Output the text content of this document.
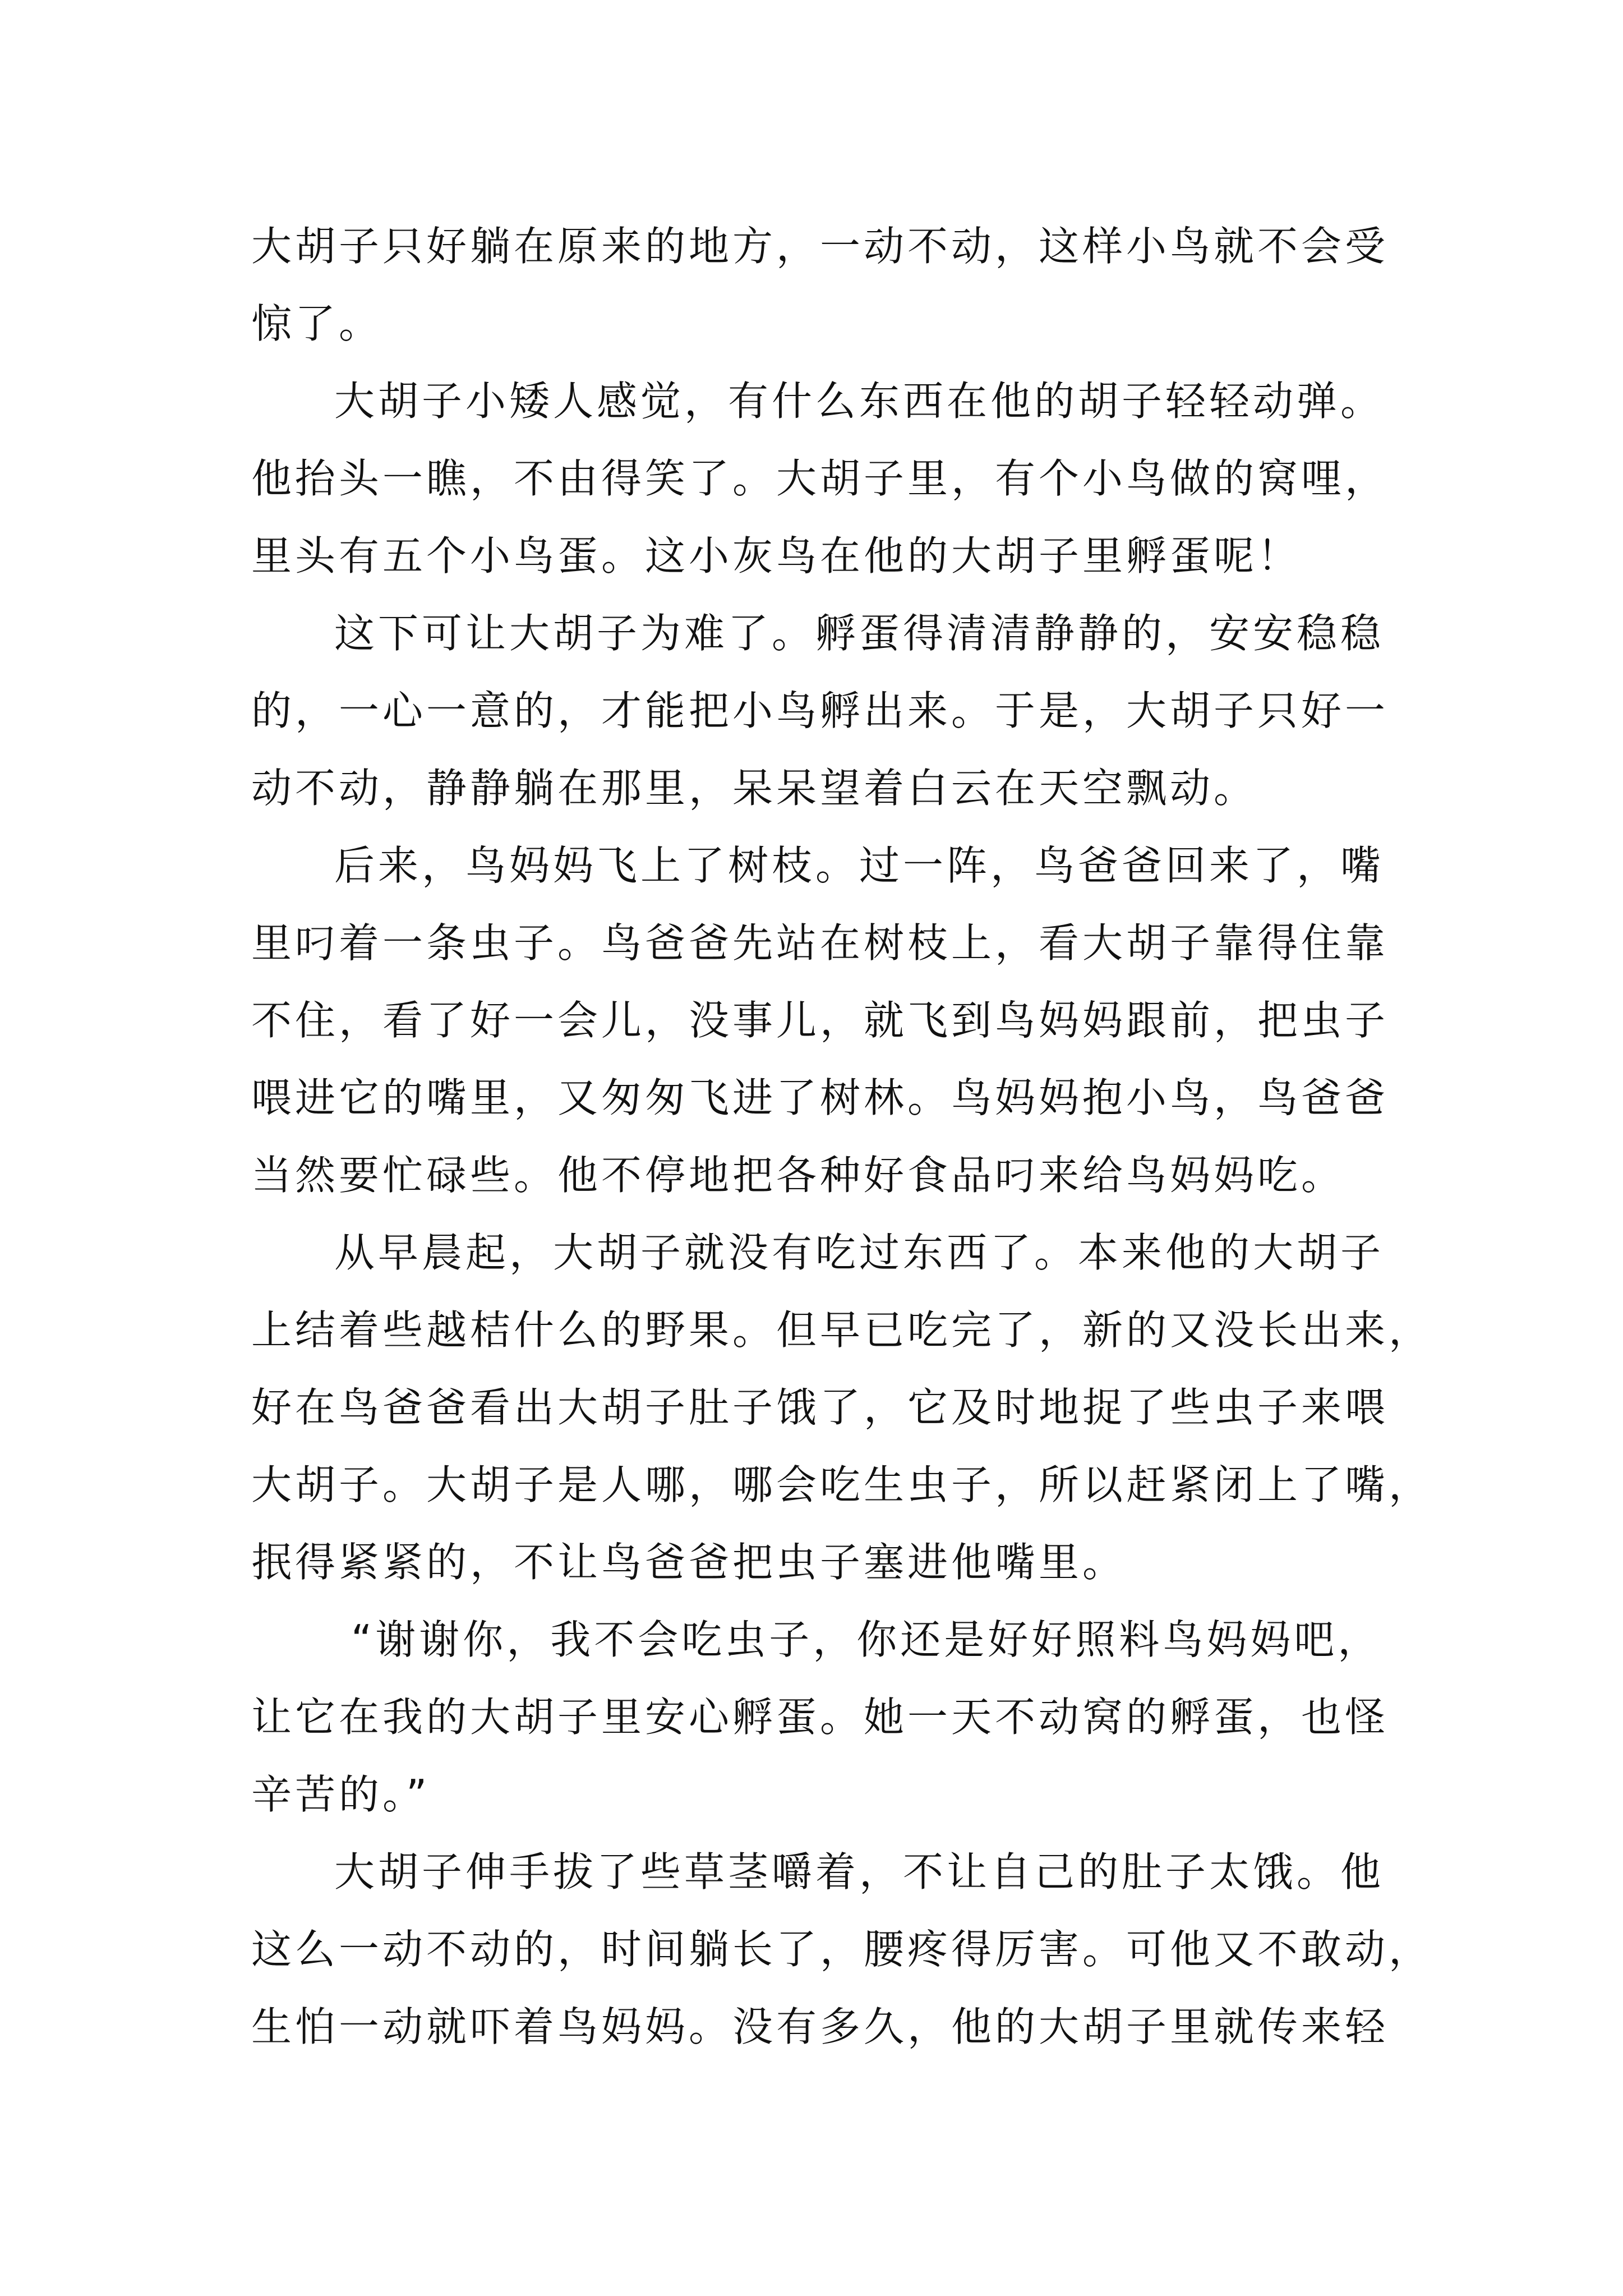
大胡子只好躺在原来的地方，一动不动，这样小鸟就不会受
惊了。
大胡子小矮人感觉，有什么东西在他的胡子轻轻动弹。
他抬头一瞧，不由得笑了。大胡子里，有个小鸟做的窝哩，
里头有五个小鸟蛋。这小灰鸟在他的大胡子里孵蛋呢！
这下可让大胡子为难了。孵蛋得清清静静的，安安稳稳
的，一心一意的，才能把小鸟孵出来。于是，大胡子只好一
动不动，静静躺在那里，呆呆望着白云在天空飘动。
后来，鸟妈妈飞上了树枝。过一阵，鸟爸爸回来了，嘴
里叼着一条虫子。鸟爸爸先站在树枝上，看大胡子靠得住靠
不住，看了好一会儿，没事儿，就飞到鸟妈妈跟前，把虫子
喂进它的嘴里，又匆匆飞进了树林。鸟妈妈抱小鸟，鸟爸爸
当然要忙碌些。他不停地把各种好食品叼来给鸟妈妈吃。
从早晨起，大胡子就没有吃过东西了。本来他的大胡子
上结着些越桔什么的野果。但早已吃完了，新的又没长出来，
好在鸟爸爸看出大胡子肚子饿了，它及时地捉了些虫子来喂
大胡子。大胡子是人哪，哪会吃生虫子，所以赶紧闭上了嘴，
抿得紧紧的，不让鸟爸爸把虫子塞进他嘴里。
“谢谢你，我不会吃虫子，你还是好好照料鸟妈妈吧，
让它在我的大胡子里安心孵蛋。她一天不动窝的孵蛋，也怪
辛苦的。”
大胡子伸手拔了些草茎嚼着，不让自己的肚子太饿。他
这么一动不动的，时间躺长了，腰疼得厉害。可他又不敢动，
生怕一动就吓着鸟妈妈。没有多久，他的大胡子里就传来轻
